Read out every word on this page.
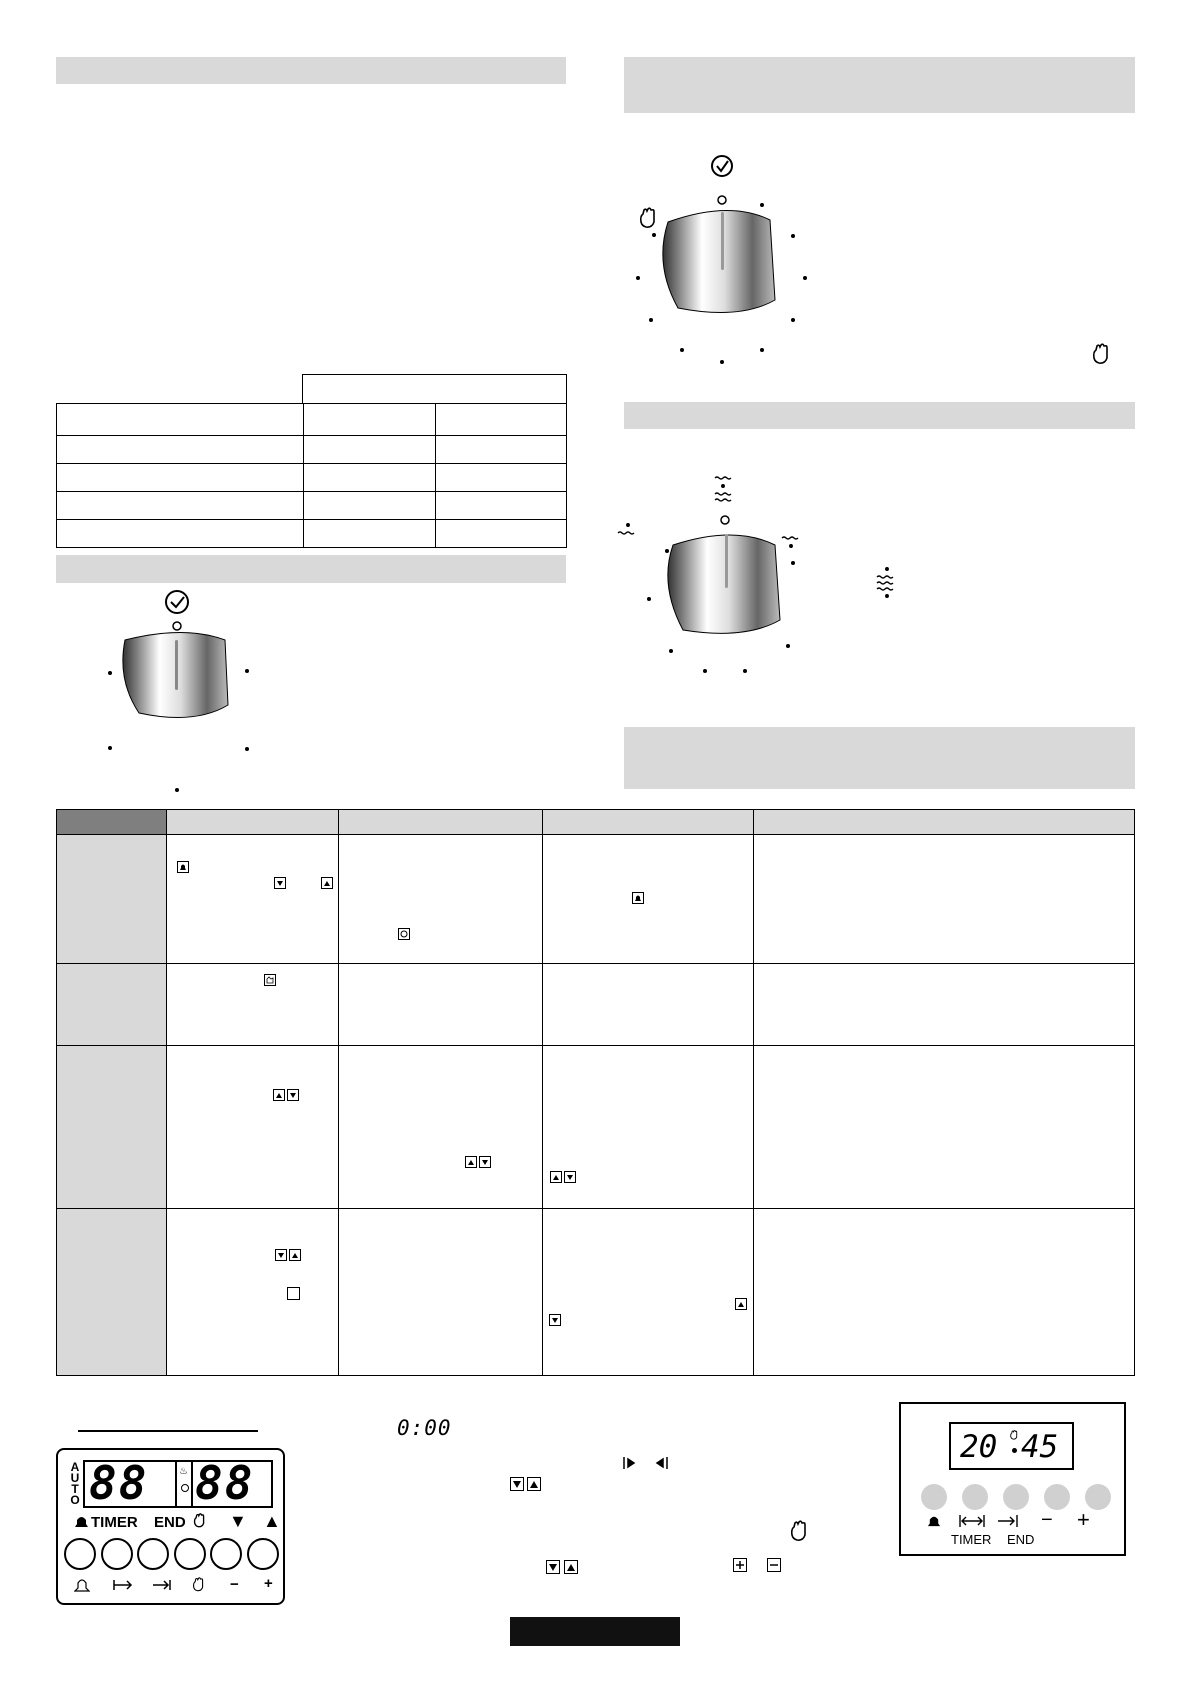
A
U
T
O 88	♨ 88
TIMER END ▼ ▲
− +
0:00
20 45
− +
TIMER END
